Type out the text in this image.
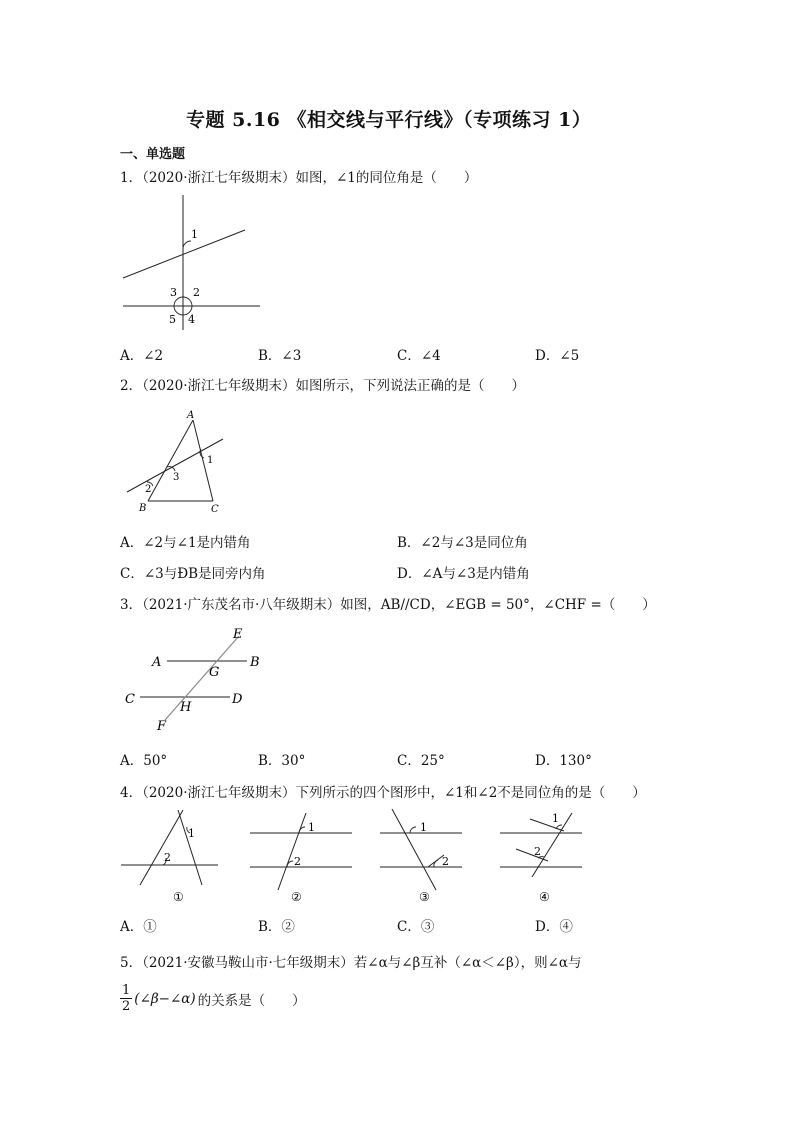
专题 5.16 《相交线与平行线》（专项练习 1）
一、单选题
1．（2020·浙江七年级期末）如图，∠1的同位角是（　　）
1
3 2
5 4
A．∠2	B．∠3	C．∠4	D．∠5
2．（2020·浙江七年级期末）如图所示，下列说法正确的是（　　）
A
1
3
2
B	C
A．∠2与∠1是内错角	B．∠2与∠3是同位角
C．∠3与ÐB是同旁内角	D．∠A与∠3是内错角
3．（2021·广东茂名市·八年级期末）如图，AB//CD，∠EGB = 50°，∠CHF =（　　）
E
A	B
G
C	D
H
F
A．50°	B．30°	C．25°	D．130°
4．（2020·浙江七年级期末）下列所示的四个图形中，∠1和∠2不是同位角的是（　　）
1
2
①
1
2
②
1
2
③
1
2
④
A．①	B．②	C．③	D．④
5．（2021·安徽马鞍山市·七年级期末）若∠α与∠β互补（∠α＜∠β），则∠α与
$\frac{1}{2}$ (∠β−∠α) 的关系是（　　）
